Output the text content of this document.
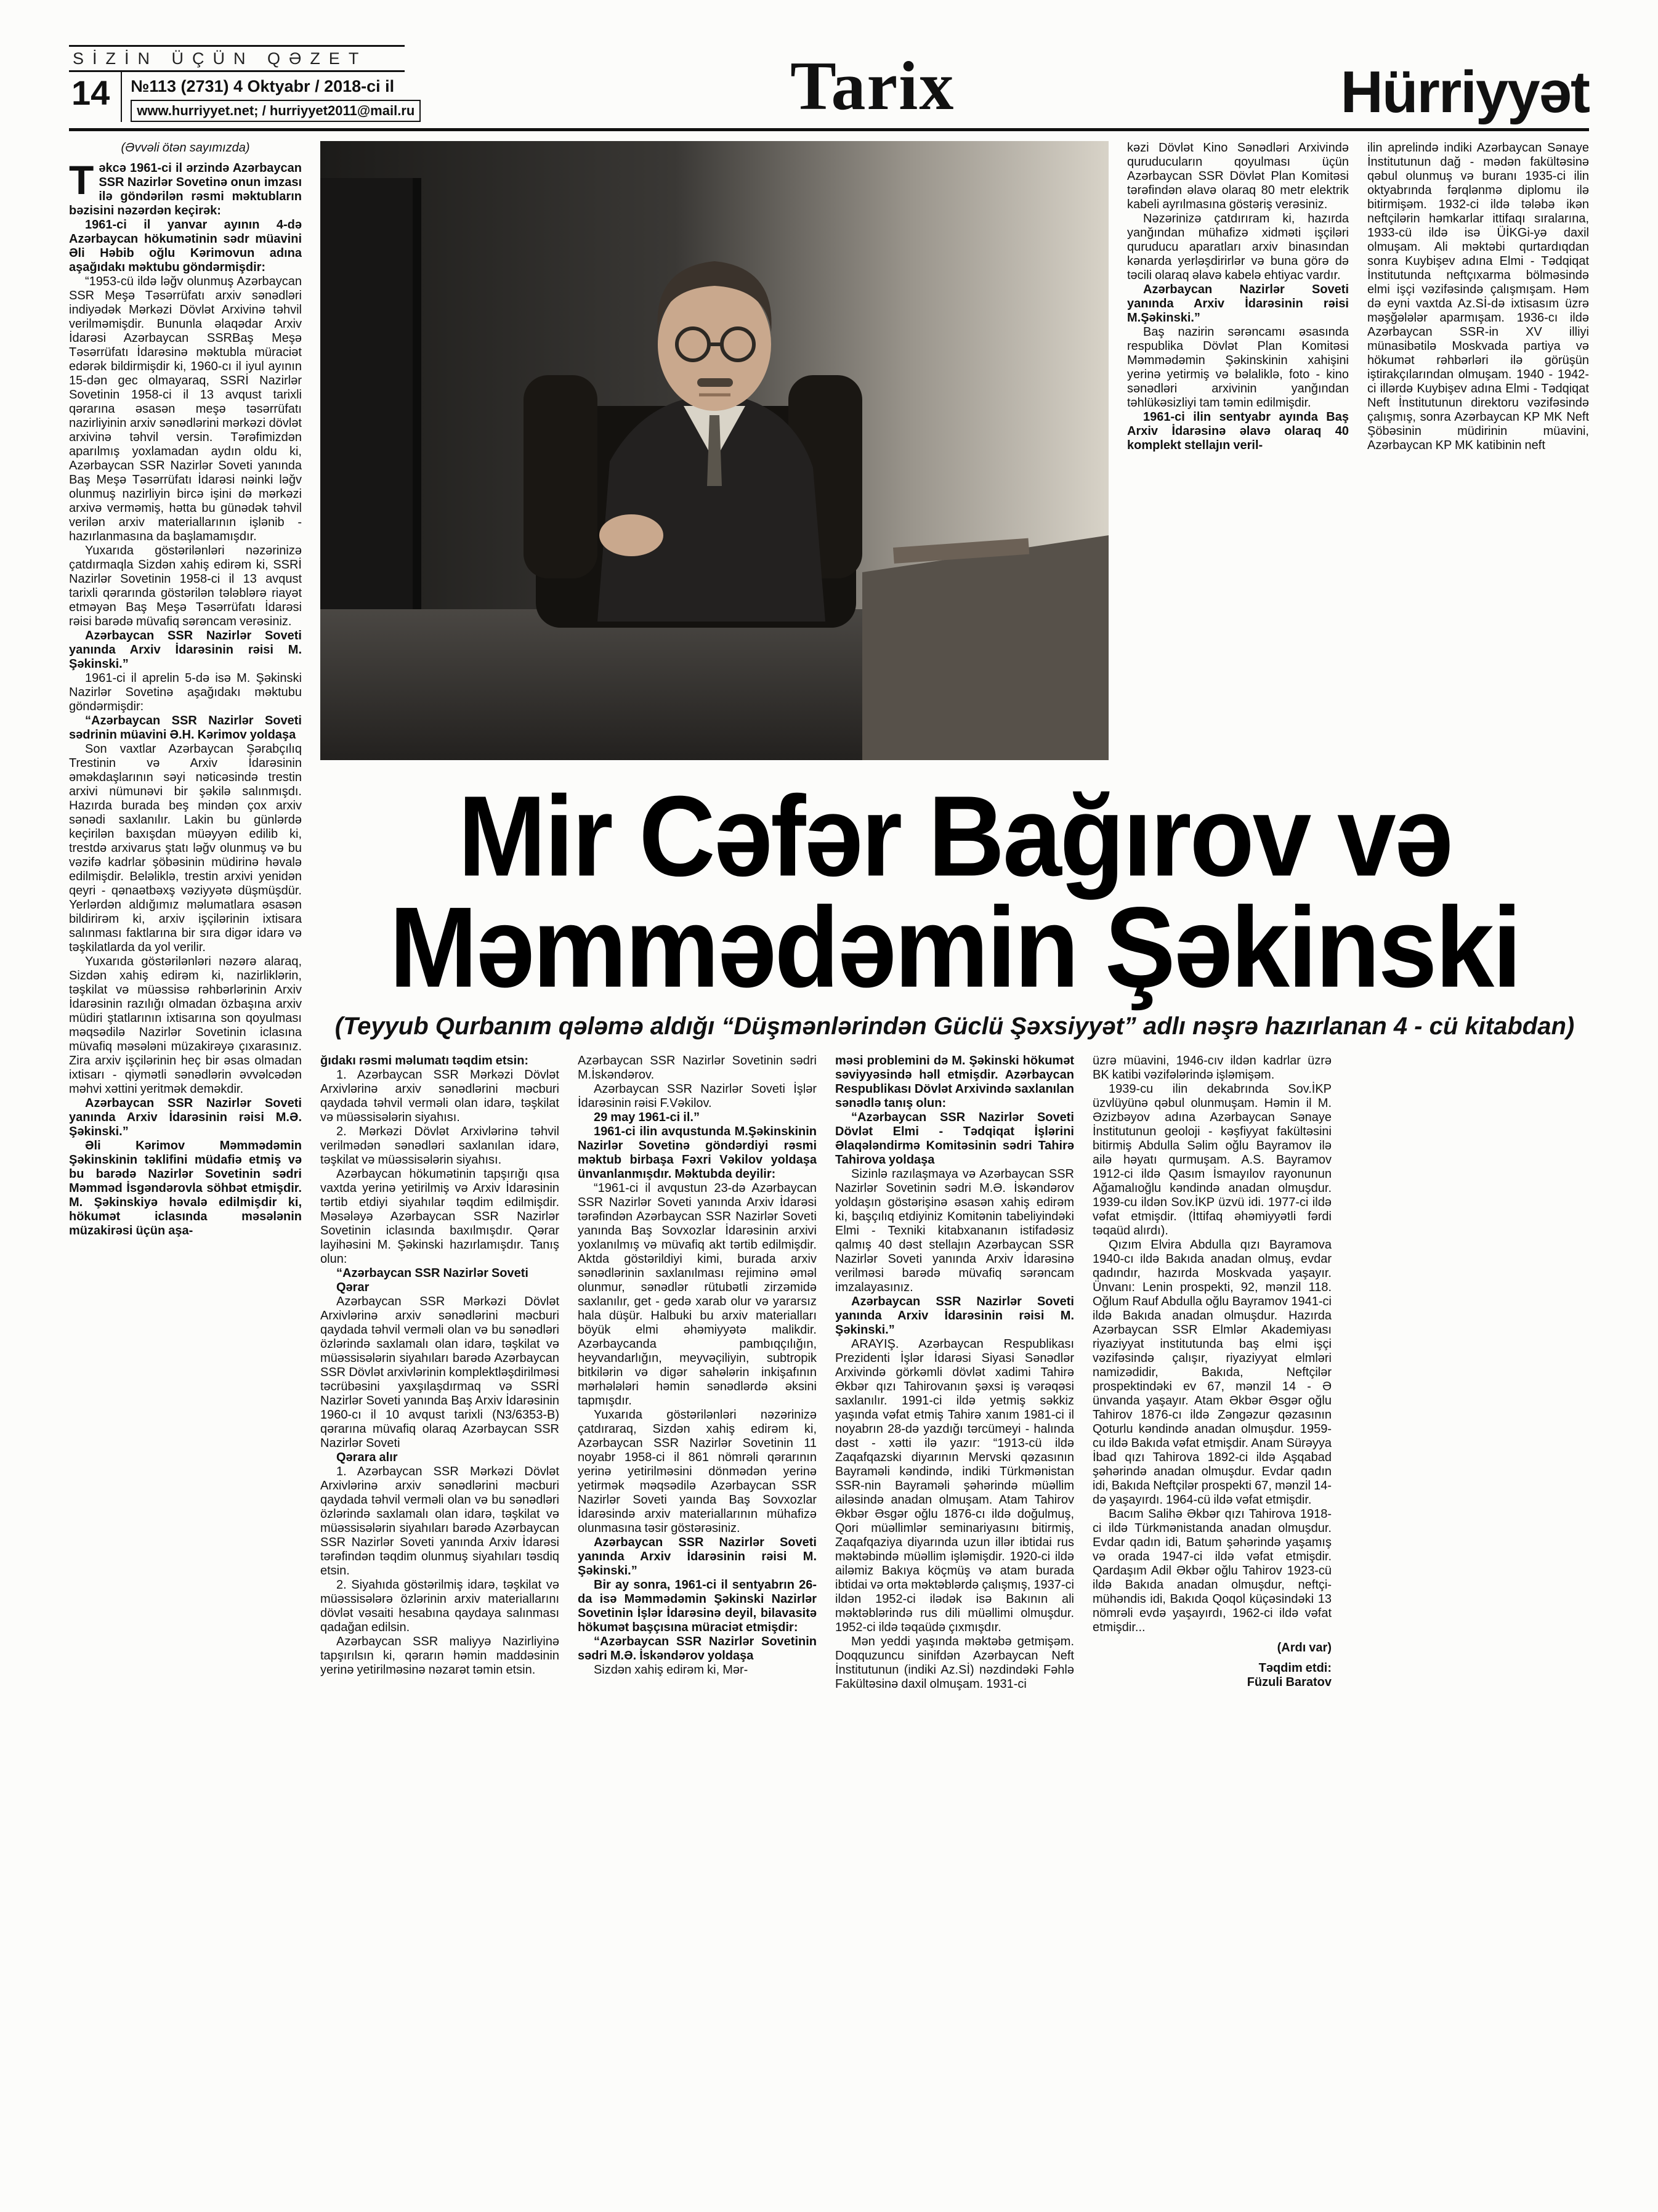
SİZİN ÜÇÜN QƏZET
14	№113 (2731) 4 Oktyabr / 2018-ci il
www.hurriyyet.net; / hurriyyet2011@mail.ru	Tarix	Hürriyyət

(Əvvəli ötən sayımızda)

Təkcə 1961-ci il ərzində Azərbaycan SSR Nazirlər Sovetinə onun imzası ilə göndərilən rəsmi məktubların bəzisini nəzərdən keçirək:

1961-ci il yanvar ayının 4-də Azərbaycan hökumətinin sədr müavini Əli Həbib oğlu Kərimovun adına aşağıdakı məktubu göndərmişdir:

“1953-cü ildə ləğv olunmuş Azərbaycan SSR Meşə Təsərrüfatı arxiv sənədləri indiyədək Mərkəzi Dövlət Arxivinə təhvil verilməmişdir. Bununla əlaqədar Arxiv İdarəsi Azərbaycan SSRBaş Meşə Təsərrüfatı İdarəsinə məktubla müraciət edərək bildirmişdir ki, 1960-cı il iyul ayının 15-dən gec olmayaraq, SSRİ Nazirlər Sovetinin 1958-ci il 13 avqust tarixli qərarına əsasən meşə təsərrüfatı nazirliyinin arxiv sənədlərini mərkəzi dövlət arxivinə təhvil versin. Tərəfimizdən aparılmış yoxlamadan aydın oldu ki, Azərbaycan SSR Nazirlər Soveti yanında Baş Meşə Təsərrüfatı İdarəsi nəinki ləğv olunmuş nazirliyin bircə işini də mərkəzi arxivə verməmiş, hətta bu günədək təhvil verilən arxiv materiallarının işlənib - hazırlanmasına da başlamamışdır.

Yuxarıda göstərilənləri nəzərinizə çatdırmaqla Sizdən xahiş edirəm ki, SSRİ Nazirlər Sovetinin 1958-ci il 13 avqust tarixli qərarında göstərilən tələblərə riayət etməyən Baş Meşə Təsərrüfatı İdarəsi rəisi barədə müvafiq sərəncam verəsiniz.

Azərbaycan SSR Nazirlər Soveti yanında Arxiv İdarəsinin rəisi M. Şəkinski.”

1961-ci il aprelin 5-də isə M. Şəkinski Nazirlər Sovetinə aşağıdakı məktubu göndərmişdir:

“Azərbaycan SSR Nazirlər Soveti sədrinin müavini Ə.H. Kərimov yoldaşa

Son vaxtlar Azərbaycan Şərabçılıq Trestinin və Arxiv İdarəsinin əməkdaşlarının səyi nəticəsində trestin arxivi nümunəvi bir şəkilə salınmışdı. Hazırda burada beş mindən çox arxiv sənədi saxlanılır. Lakin bu günlərdə keçirilən baxışdan müəyyən edilib ki, trestdə arxivarus ştatı ləğv olunmuş və bu vəzifə kadrlar şöbəsinin müdirinə həvalə edilmişdir. Beləliklə, trestin arxivi yenidən qeyri - qənaətbəxş vəziyyətə düşmüşdür. Yerlərdən aldığımız məlumatlara əsasən bildirirəm ki, arxiv işçilərinin ixtisara salınması faktlarına bir sıra digər idarə və təşkilatlarda da yol verilir.

Yuxarıda göstərilənləri nəzərə alaraq, Sizdən xahiş edirəm ki, nazirliklərin, təşkilat və müəssisə rəhbərlərinin Arxiv İdarəsinin razılığı olmadan özbaşına arxiv müdiri ştatlarının ixtisarına son qoyulması məqsədilə Nazirlər Sovetinin iclasına müvafiq məsələni müzakirəyə çıxarasınız. Zira arxiv işçilərinin heç bir əsas olmadan ixtisarı - qiymətli sənədlərin əvvəlcədən məhvi xəttini yeritmək deməkdir.

Azərbaycan SSR Nazirlər Soveti yanında Arxiv İdarəsinin rəisi M.Ə. Şəkinski.”

Əli Kərimov Məmmədəmin Şəkinskinin təklifini müdafiə etmiş və bu barədə Nazirlər Sovetinin sədri Məmməd İsgəndərovla söhbət etmişdir. M. Şəkinskiyə həvalə edilmişdir ki, hökumət iclasında məsələnin müzakirəsi üçün aşa-

kəzi Dövlət Kino Sənədləri Arxivində quruducuların qoyulması üçün Azərbaycan SSR Dövlət Plan Komitəsi tərəfindən əlavə olaraq 80 metr elektrik kabeli ayrılmasına göstəriş verəsiniz.

Nəzərinizə çatdırıram ki, hazırda yanğından mühafizə xidməti işçiləri quruducu aparatları arxiv binasından kənarda yerləşdirirlər və buna görə də təcili olaraq əlavə kabelə ehtiyac vardır.

Azərbaycan Nazirlər Soveti yanında Arxiv İdarəsinin rəisi M.Şəkinski.”

Baş nazirin sərəncamı əsasında respublika Dövlət Plan Komitəsi Məmmədəmin Şəkinskinin xahişini yerinə yetirmiş və bəlaliklə, foto - kino sənədləri arxivinin yanğından təhlükəsizliyi tam təmin edilmişdir.

1961-ci ilin sentyabr ayında Baş Arxiv İdarəsinə əlavə olaraq 40 komplekt stellajın veril-

ilin aprelində indiki Azərbaycan Sənaye İnstitutunun dağ - mədən fakültəsinə qəbul olunmuş və buranı 1935-ci ilin oktyabrında fərqlənmə diplomu ilə bitirmişəm. 1932-ci ildə tələbə ikən neftçilərin həmkarlar ittifaqı sıralarına, 1933-cü ildə isə ÜİKGi-yə daxil olmuşam. Ali məktəbi qurtardıqdan sonra Kuybişev adına Elmi - Tədqiqat İnstitutunda neftçıxarma bölməsində elmi işçi vəzifəsində çalışmışam. Həm də eyni vaxtda Az.Sİ-də ixtisasım üzrə məşğələlər aparmışam. 1936-cı ildə Azərbaycan SSR-in XV illiyi münasibətilə Moskvada partiya və hökumət rəhbərləri ilə görüşün iştirakçılarından olmuşam. 1940 - 1942-ci illərdə Kuybişev adına Elmi - Tədqiqat Neft İnstitutunun direktoru vəzifəsində çalışmış, sonra Azərbaycan KP MK Neft Şöbəsinin müdirinin müavini, Azərbaycan KP MK katibinin neft

Mir Cəfər Bağırov və
Məmmədəmin Şəkinski
(Teyyub Qurbanım qələmə aldığı “Düşmənlərindən Güclü Şəxsiyyət” adlı nəşrə hazırlanan 4 - cü kitabdan)

ğıdakı rəsmi məlumatı təqdim etsin:

1. Azərbaycan SSR Mərkəzi Dövlət Arxivlərinə arxiv sənədlərini məcburi qaydada təhvil verməli olan idarə, təşkilat və müəssisələrin siyahısı.

2. Mərkəzi Dövlət Arxivlərinə təhvil verilmədən sənədləri saxlanılan idarə, təşkilat və müəssisələrin siyahısı.

Azərbaycan hökumətinin tapşırığı qısa vaxtda yerinə yetirilmiş və Arxiv İdarəsinin tərtib etdiyi siyahılar təqdim edilmişdir. Məsələyə Azərbaycan SSR Nazirlər Sovetinin iclasında baxılmışdır. Qərar layihəsini M. Şəkinski hazırlamışdır. Tanış olun:

“Azərbaycan SSR Nazirlər Soveti

Qərar

Azərbaycan SSR Mərkəzi Dövlət Arxivlərinə arxiv sənədlərini məcburi qaydada təhvil verməli olan və bu sənədləri özlərində saxlamalı olan idarə, təşkilat və müəssisələrin siyahıları barədə Azərbaycan SSR Dövlət arxivlərinin komplektləşdirilməsi təcrübəsini yaxşılaşdırmaq və SSRİ Nazirlər Soveti yanında Baş Arxiv İdarəsinin 1960-cı il 10 avqust tarixli (N3/6353-B) qərarına müvafiq olaraq Azərbaycan SSR Nazirlər Soveti

Qərara alır

1. Azərbaycan SSR Mərkəzi Dövlət Arxivlərinə arxiv sənədlərini məcburi qaydada təhvil verməli olan və bu sənədləri özlərində saxlamalı olan idarə, təşkilat və müəssisələrin siyahıları barədə Azərbaycan SSR Nazirlər Soveti yanında Arxiv İdarəsi tərəfindən təqdim olunmuş siyahıları təsdiq etsin.

2. Siyahıda göstərilmiş idarə, təşkilat və müəssisələrə özlərinin arxiv materiallarını dövlət vəsaiti hesabına qaydaya salınması qadağan edilsin.

Azərbaycan SSR maliyyə Nazirliyinə tapşırılsın ki, qərarın həmin maddəsinin yerinə yetirilməsinə nəzarət təmin etsin.

Azərbaycan SSR Nazirlər Sovetinin sədri M.İskəndərov.

Azərbaycan SSR Nazirlər Soveti İşlər İdarəsinin rəisi F.Vəkilov.

29 may 1961-ci il.”

1961-ci ilin avqustunda M.Şəkinskinin Nazirlər Sovetinə göndərdiyi rəsmi məktub birbaşa Fəxri Vəkilov yoldaşa ünvanlanmışdır. Məktubda deyilir:

“1961-ci il avqustun 23-də Azərbaycan SSR Nazirlər Soveti yanında Arxiv İdarəsi tərəfindən Azərbaycan SSR Nazirlər Soveti yanında Baş Sovxozlar İdarəsinin arxivi yoxlanılmış və müvafiq akt tərtib edilmişdir. Aktda göstərildiyi kimi, burada arxiv sənədlərinin saxlanılması rejiminə əməl olunmur, sənədlər rütubətli zirzəmidə saxlanılır, get - gedə xarab olur və yararsız hala düşür. Halbuki bu arxiv materialları böyük elmi əhəmiyyətə malikdir. Azərbaycanda pambıqçılığın, heyvandarlığın, meyvəçiliyin, subtropik bitkilərin və digər sahələrin inkişafının mərhələləri həmin sənədlərdə əksini tapmışdır.

Yuxarıda göstərilənləri nəzərinizə çatdıraraq, Sizdən xahiş edirəm ki, Azərbaycan SSR Nazirlər Sovetinin 11 noyabr 1958-ci il 861 nömrəli qərarının yerinə yetirilməsini dönmədən yerinə yetirmək məqsədilə Azərbaycan SSR Nazirlər Soveti yaında Baş Sovxozlar İdarəsində arxiv materiallarının mühafizə olunmasına təsir göstərəsiniz.

Azərbaycan SSR Nazirlər Soveti yanında Arxiv İdarəsinin rəisi M. Şəkinski.”

Bir ay sonra, 1961-ci il sentyabrın 26-da isə Məmmədəmin Şəkinski Nazirlər Sovetinin İşlər İdarəsinə deyil, bilavasitə hökumət başçısına müraciət etmişdir:

“Azərbaycan SSR Nazirlər Sovetinin sədri M.Ə. İskəndərov yoldaşa

Sizdən xahiş edirəm ki, Mər-

məsi problemini də M. Şəkinski hökumət səviyyəsində həll etmişdir. Azərbaycan Respublikası Dövlət Arxivində saxlanılan sənədlə tanış olun:

“Azərbaycan SSR Nazirlər Soveti Dövlət Elmi - Tədqiqat İşlərini Əlaqələndirmə Komitəsinin sədri Tahirə Tahirova yoldaşa

Sizinlə razılaşmaya və Azərbaycan SSR Nazirlər Sovetinin sədri M.Ə. İskəndərov yoldaşın göstərişinə əsasən xahiş edirəm ki, başçılıq etdiyiniz Komitənin tabeliyindəki Elmi - Texniki kitabxananın istifadəsiz qalmış 40 dəst stellajın Azərbaycan SSR Nazirlər Soveti yanında Arxiv İdarəsinə verilməsi barədə müvafiq sərəncam imzalayasınız.

Azərbaycan SSR Nazirlər Soveti yanında Arxiv İdarəsinin rəisi M. Şəkinski.”

ARAYIŞ. Azərbaycan Respublikası Prezidenti İşlər İdarəsi Siyasi Sənədlər Arxivində görkəmli dövlət xadimi Tahirə Əkbər qızı Tahirovanın şəxsi iş vərəqəsi saxlanılır. 1991-ci ildə yetmiş səkkiz yaşında vəfat etmiş Tahirə xanım 1981-ci il noyabrın 28-də yazdığı tərcümeyi - halında dəst - xətti ilə yazır: “1913-cü ildə Zaqafqazski diyarının Mervski qəzasının Bayraməli kəndində, indiki Türkmənistan SSR-nin Bayraməli şəhərində müəllim ailəsində anadan olmuşam. Atam Tahirov Əkbər Əsgər oğlu 1876-cı ildə doğulmuş, Qori müəllimlər seminariyasını bitirmiş, Zaqafqaziya diyarında uzun illər ibtidai rus məktəbində müəllim işləmişdir. 1920-ci ildə ailəmiz Bakıya köçmüş və atam burada ibtidai və orta məktəblərdə çalışmış, 1937-ci ildən 1952-ci ilədək isə Bakının ali məktəblərində rus dili müəllimi olmuşdur. 1952-ci ildə təqaüdə çıxmışdır.

Mən yeddi yaşında məktəbə getmişəm. Doqquzuncu sinifdən Azərbaycan Neft İnstitutunun (indiki Az.Sİ) nəzdindəki Fəhlə Fakültəsinə daxil olmuşam. 1931-ci

üzrə müavini, 1946-cıv ildən kadrlar üzrə BK katibi vəzifələrində işləmişəm.

1939-cu ilin dekabrında Sov.İKP üzvlüyünə qəbul olunmuşam. Həmin il M. Əzizbəyov adına Azərbaycan Sənaye İnstitutunun geoloji - kəşfiyyat fakültəsini bitirmiş Abdulla Səlim oğlu Bayramov ilə ailə həyatı qurmuşam. A.S. Bayramov 1912-ci ildə Qasım İsmayılov rayonunun Ağamalıoğlu kəndində anadan olmuşdur. 1939-cu ildən Sov.İKP üzvü idi. 1977-ci ildə vəfat etmişdir. (İttifaq əhəmiyyətli fərdi təqaüd alırdı).

Qızım Elvira Abdulla qızı Bayramova 1940-cı ildə Bakıda anadan olmuş, evdar qadındır, hazırda Moskvada yaşayır. Ünvanı: Lenin prospekti, 92, mənzil 118. Oğlum Rauf Abdulla oğlu Bayramov 1941-ci ildə Bakıda anadan olmuşdur. Hazırda Azərbaycan SSR Elmlər Akademiyası riyaziyyat institutunda baş elmi işçi vəzifəsində çalışır, riyaziyyat elmləri namizədidir, Bakıda, Neftçilər prospektindəki ev 67, mənzil 14 - Ə ünvanda yaşayır. Atam Əkbər Əsgər oğlu Tahirov 1876-cı ildə Zəngəzur qəzasının Qoturlu kəndində anadan olmuşdur. 1959-cu ildə Bakıda vəfat etmişdir. Anam Sürəyya İbad qızı Tahirova 1892-ci ildə Aşqabad şəhərində anadan olmuşdur. Evdar qadın idi, Bakıda Neftçilər prospekti 67, mənzil 14-də yaşayırdı. 1964-cü ildə vəfat etmişdir.

Bacım Salihə Əkbər qızı Tahirova 1918-ci ildə Türkmənistanda anadan olmuşdur. Evdar qadın idi, Batum şəhərində yaşamış və orada 1947-ci ildə vəfat etmişdir. Qardaşım Adil Əkbər oğlu Tahirov 1923-cü ildə Bakıda anadan olmuşdur, neftçi-mühəndis idi, Bakıda Qoqol küçəsindəki 13 nömrəli evdə yaşayırdı, 1962-ci ildə vəfat etmişdir...

(Ardı var)

Təqdim etdi:

Füzuli Baratov
